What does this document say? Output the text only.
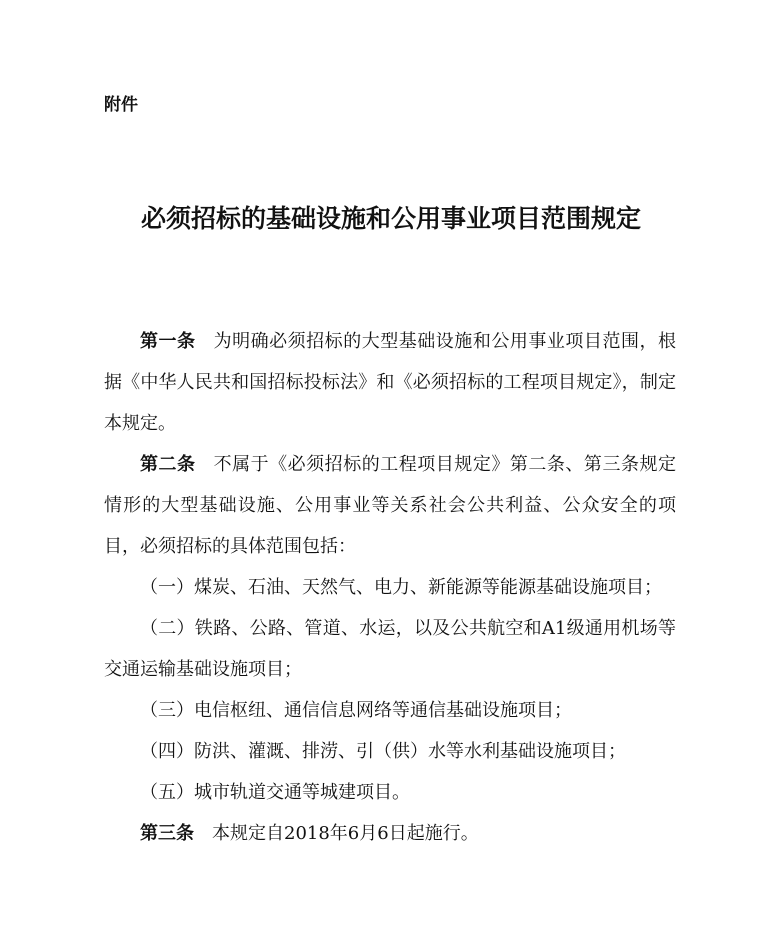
附件
必须招标的基础设施和公用事业项目范围规定

第一条 为明确必须招标的大型基础设施和公用事业项目范围，根据《中华人民共和国招标投标法》和《必须招标的工程项目规定》，制定本规定。

第二条 不属于《必须招标的工程项目规定》第二条、第三条规定情形的大型基础设施、公用事业等关系社会公共利益、公众安全的项目，必须招标的具体范围包括：

（一）煤炭、石油、天然气、电力、新能源等能源基础设施项目；

（二）铁路、公路、管道、水运，以及公共航空和A1级通用机场等交通运输基础设施项目；

（三）电信枢纽、通信信息网络等通信基础设施项目；

（四）防洪、灌溉、排涝、引（供）水等水利基础设施项目；

（五）城市轨道交通等城建项目。

第三条 本规定自2018年6月6日起施行。
